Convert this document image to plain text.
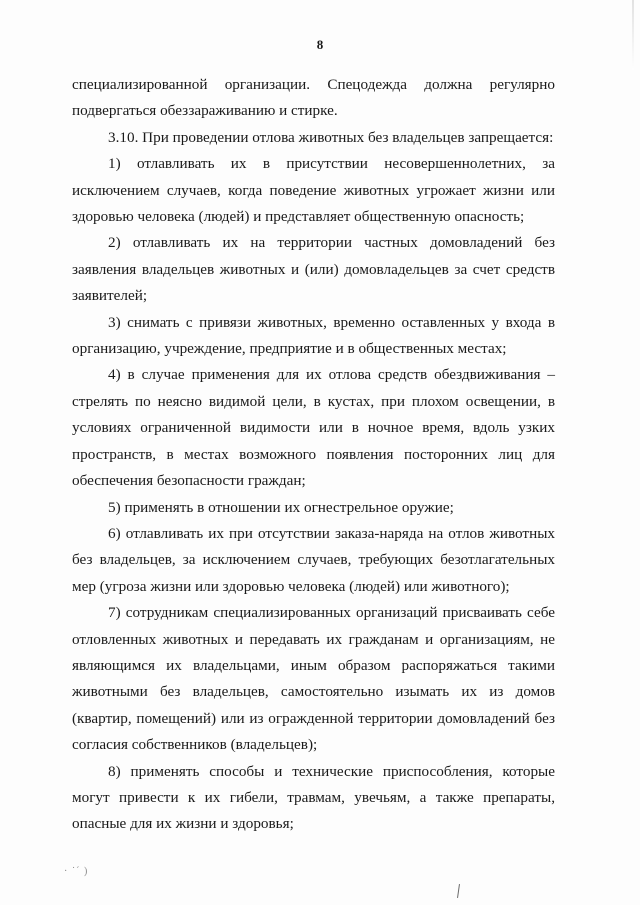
8

специализированной организации. Спецодежда должна регулярно подвергаться обеззараживанию и стирке.

3.10. При проведении отлова животных без владельцев запрещается:

1) отлавливать их в присутствии несовершеннолетних, за исключением случаев, когда поведение животных угрожает жизни или здоровью человека (людей) и представляет общественную опасность;

2) отлавливать их на территории частных домовладений без заявления владельцев животных и (или) домовладельцев за счет средств заявителей;

3) снимать с привязи животных, временно оставленных у входа в организацию, учреждение, предприятие и в общественных местах;

4) в случае применения для их отлова средств обездвиживания – стрелять по неясно видимой цели, в кустах, при плохом освещении, в условиях ограниченной видимости или в ночное время, вдоль узких пространств, в местах возможного появления посторонних лиц для обеспечения безопасности граждан;

5) применять в отношении их огнестрельное оружие;

6) отлавливать их при отсутствии заказа-наряда на отлов животных без владельцев, за исключением случаев, требующих безотлагательных мер (угроза жизни или здоровью человека (людей) или животного);

7) сотрудникам специализированных организаций присваивать себе отловленных животных и передавать их гражданам и организациям, не являющимся их владельцами, иным образом распоряжаться такими животными без владельцев, самостоятельно изымать их из домов (квартир, помещений) или из огражденной территории домовладений без согласия собственников (владельцев);

8) применять способы и технические приспособления, которые могут привести к их гибели, травмам, увечьям, а также препараты, опасные для их жизни и здоровья;

· ˙ˊ )
